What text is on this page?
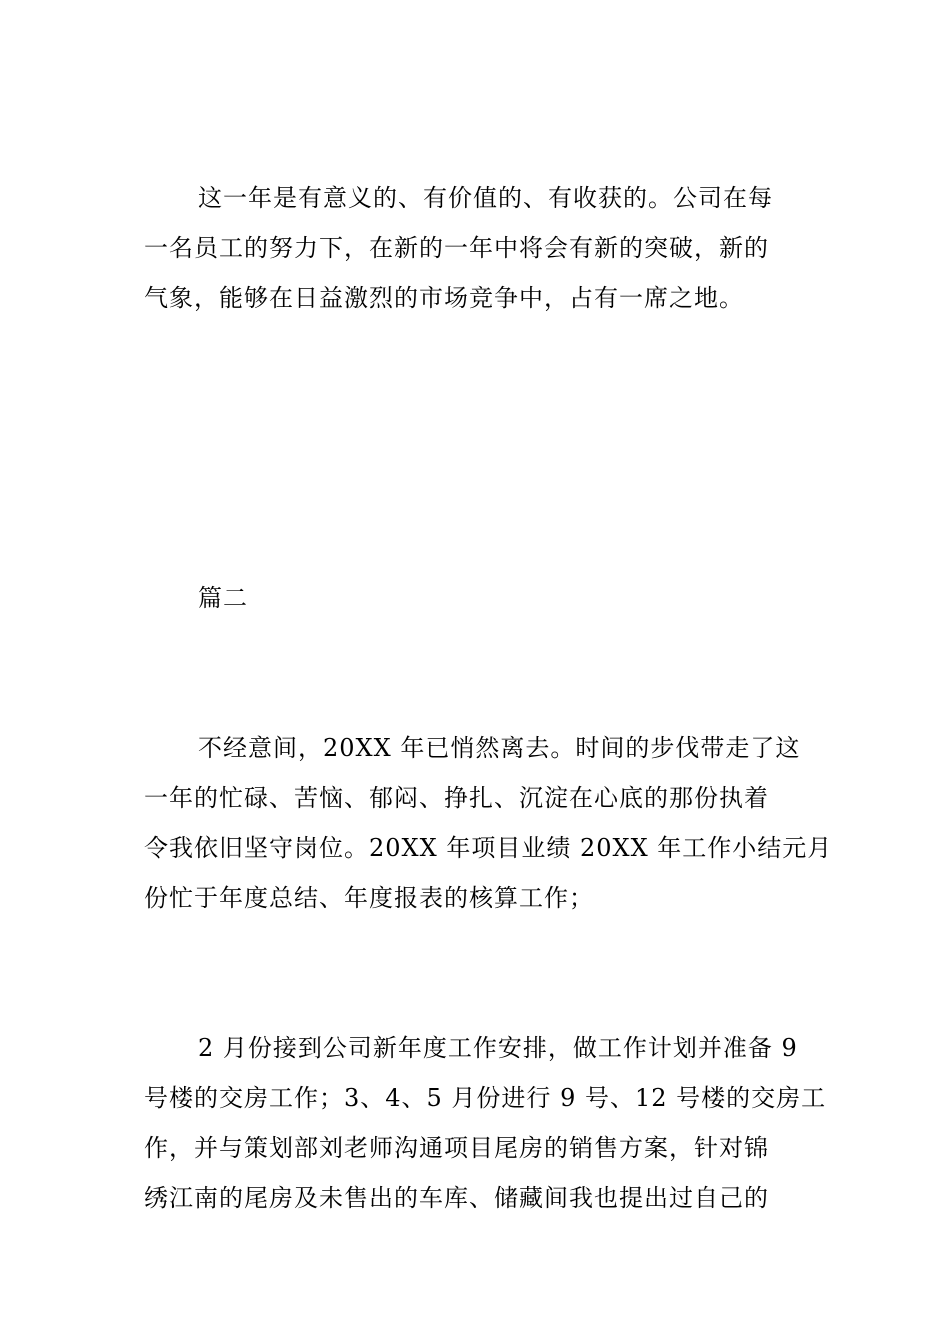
这一年是有意义的、有价值的、有收获的。公司在每
一名员工的努力下，在新的一年中将会有新的突破，新的
气象，能够在日益激烈的市场竞争中，占有一席之地。
篇二
不经意间，20XX 年已悄然离去。时间的步伐带走了这
一年的忙碌、苦恼、郁闷、挣扎、沉淀在心底的那份执着
令我依旧坚守岗位。20XX 年项目业绩 20XX 年工作小结元月
份忙于年度总结、年度报表的核算工作；
2 月份接到公司新年度工作安排，做工作计划并准备 9
号楼的交房工作；3、4、5 月份进行 9 号、12 号楼的交房工
作，并与策划部刘老师沟通项目尾房的销售方案，针对锦
绣江南的尾房及未售出的车库、储藏间我也提出过自己的
